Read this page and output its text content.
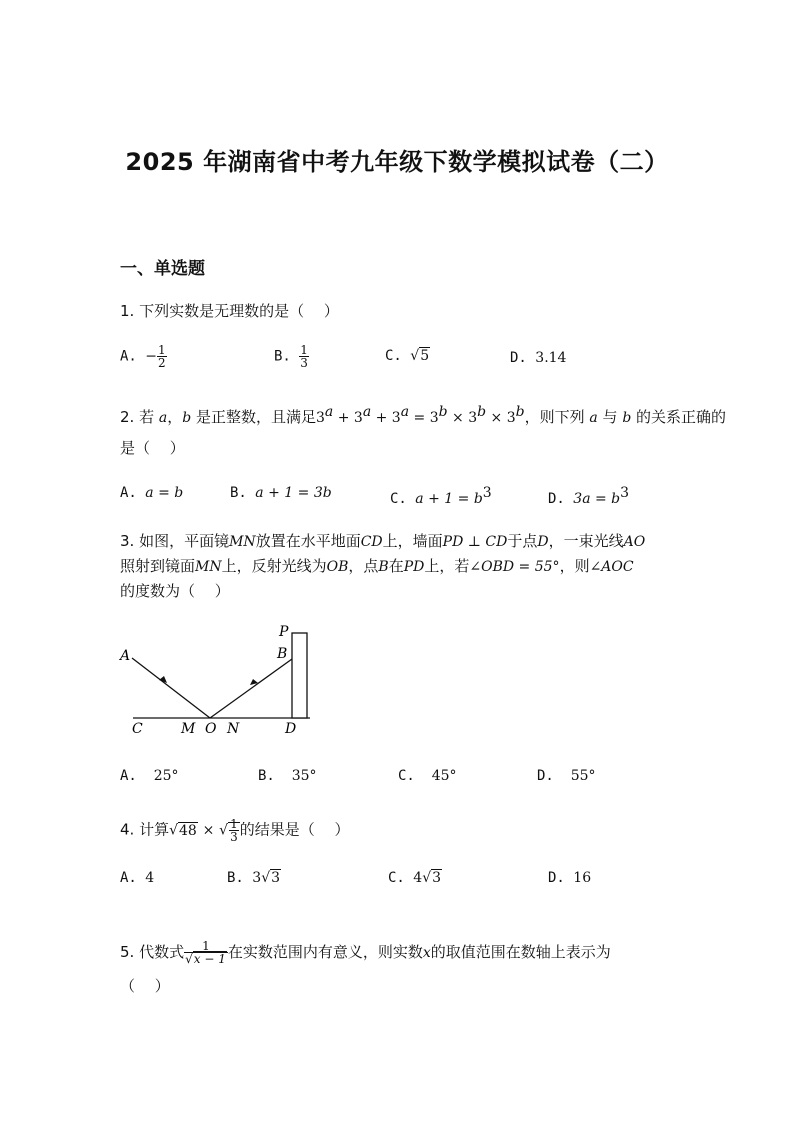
2025 年湖南省中考九年级下数学模拟试卷（二）
一、单选题
1. 下列实数是无理数的是（　 ）
A. − $\frac{1}{2}$	B. $\frac{1}{3}$	C. √5	D. 3.14
2. 若 a，b 是正整数，且满足$3^a + 3^a + 3^a = 3^b \times 3^b \times 3^b$，则下列 a 与 b 的关系正确的
是（　 ）
A. a = b	B. a + 1 = 3b	C. $a + 1 = b^3$	D. $3a = b^3$
3. 如图，平面镜MN放置在水平地面CD上，墙面PD ⊥ CD于点D，一束光线AO
照射到镜面MN上，反射光线为OB，点B在PD上，若∠OBD = 55°，则∠AOC
的度数为（　 ）
A
P
B
C	M O N	D
A. 25°	B. 35°	C. 45°	D. 55°
4. 计算√48 × √ $\frac{1}{3}$ 的结果是（　 ）
A. 4	B. 3√3	C. 4√3	D. 16
5. 代数式 $\frac{1}{√x - 1}$ 在实数范围内有意义，则实数x的取值范围在数轴上表示为
（　 ）
